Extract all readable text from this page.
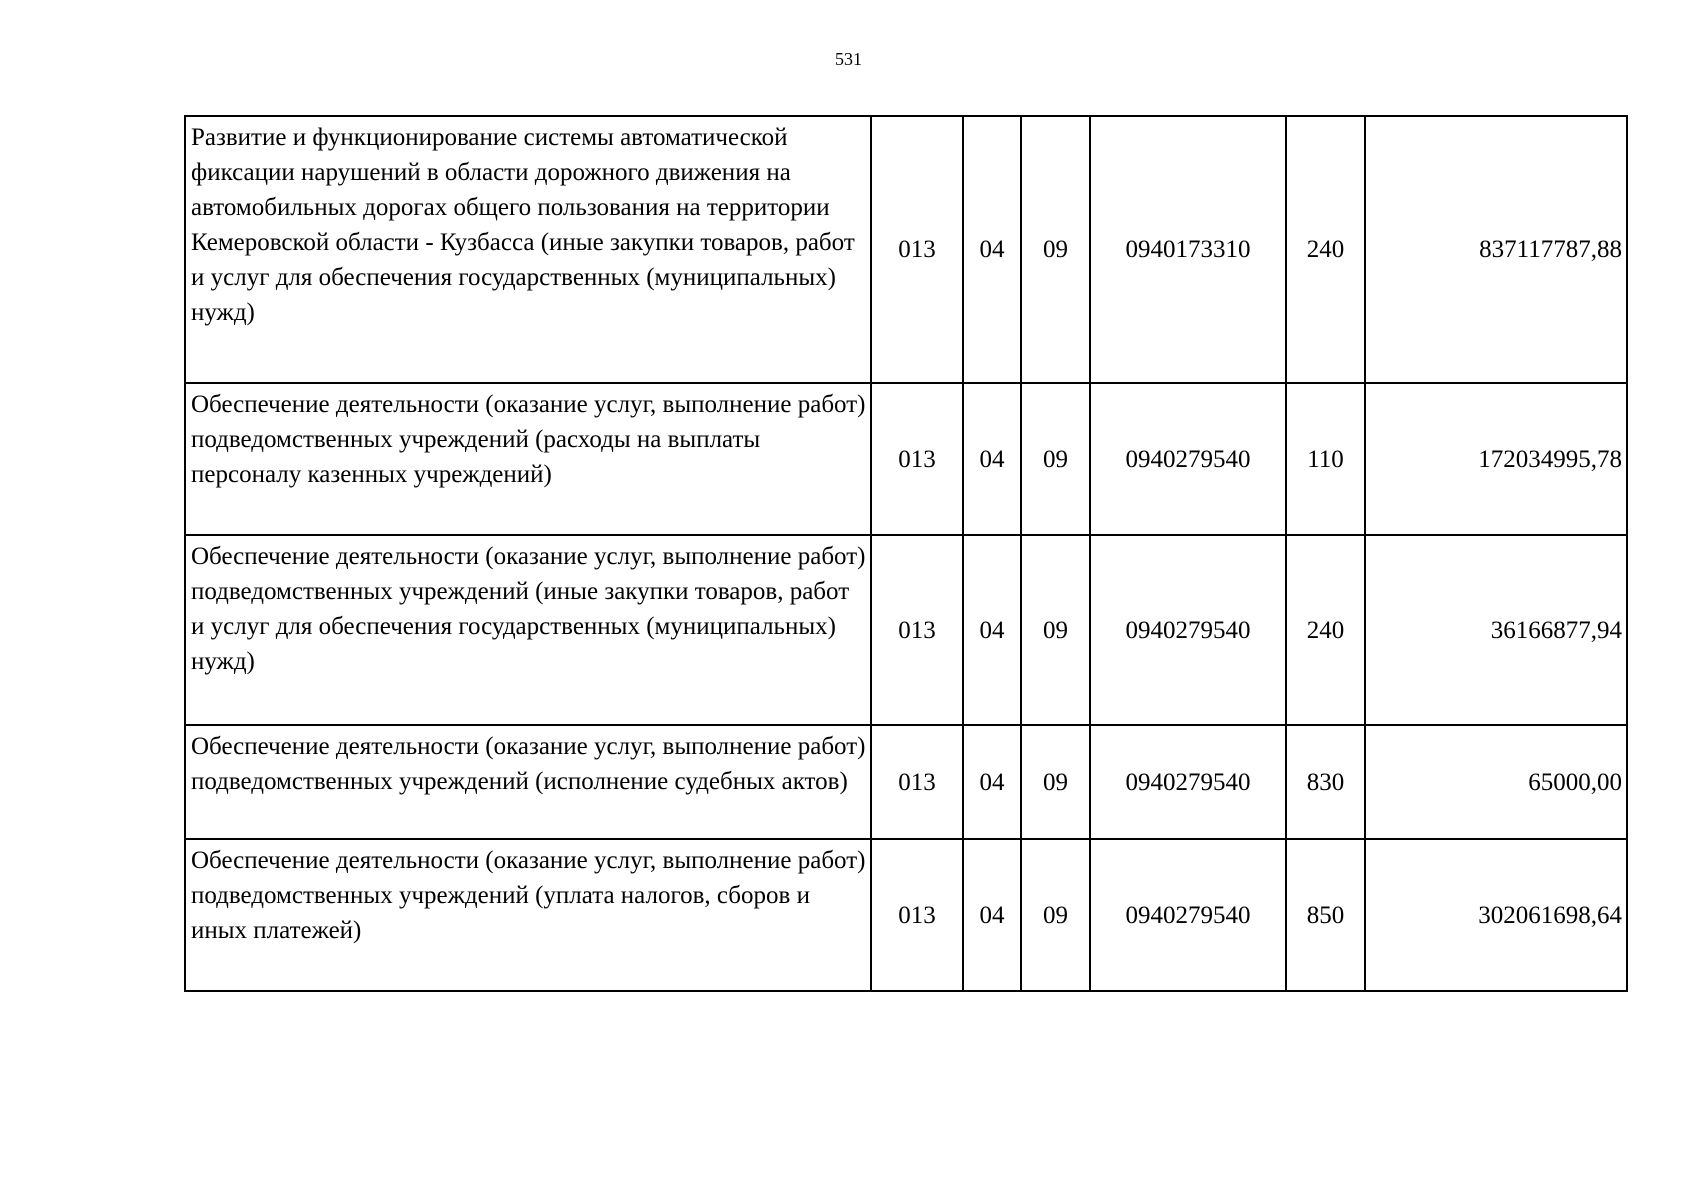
531
Развитие и функционирование системы автоматической фиксации нарушений в области дорожного движения на автомобильных дорогах общего пользования на территории Кемеровской области - Кузбасса (иные закупки товаров, работ и услуг для обеспечения государственных (муниципальных) нужд)	013	04	09	0940173310	240	837117787,88
Обеспечение деятельности (оказание услуг, выполнение работ) подведомственных учреждений (расходы на выплаты персоналу казенных учреждений)	013	04	09	0940279540	110	172034995,78
Обеспечение деятельности (оказание услуг, выполнение работ) подведомственных учреждений (иные закупки товаров, работ и услуг для обеспечения государственных (муниципальных) нужд)	013	04	09	0940279540	240	36166877,94
Обеспечение деятельности (оказание услуг, выполнение работ) подведомственных учреждений (исполнение судебных актов)	013	04	09	0940279540	830	65000,00
Обеспечение деятельности (оказание услуг, выполнение работ) подведомственных учреждений (уплата налогов, сборов и иных платежей)	013	04	09	0940279540	850	302061698,64
